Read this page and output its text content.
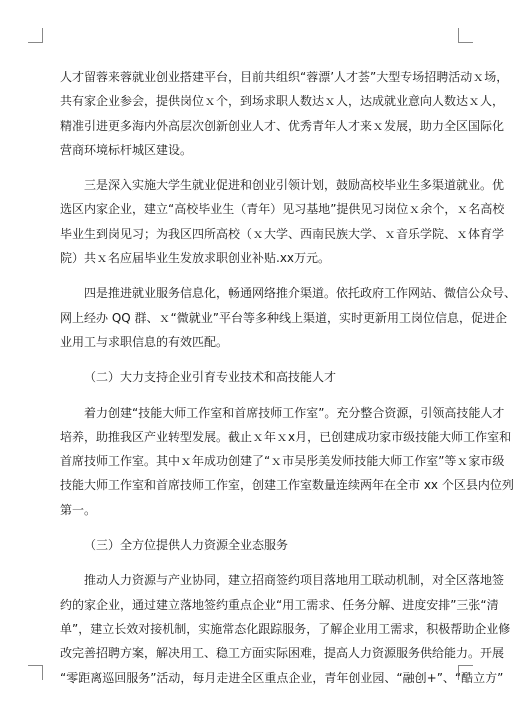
人才留蓉来蓉就业创业搭建平台，目前共组织“蓉漂’人才荟”大型专场招聘活动ｘ场，
共有家企业参会，提供岗位ｘ个，到场求职人数达ｘ人，达成就业意向人数达ｘ人，
精准引进更多海内外高层次创新创业人才、优秀青年人才来ｘ发展，助力全区国际化
营商环境标杆城区建设。
　　三是深入实施大学生就业促进和创业引领计划，鼓励高校毕业生多渠道就业。优
选区内家企业，建立“高校毕业生（青年）见习基地”提供见习岗位ｘ余个，ｘ名高校
毕业生到岗见习；为我区四所高校（ｘ大学、西南民族大学、ｘ音乐学院、ｘ体育学
院）共ｘ名应届毕业生发放求职创业补贴.xx万元。
　　四是推进就业服务信息化，畅通网络推介渠道。依托政府工作网站、微信公众号、
网上经办 QQ 群、ｘ“微就业”平台等多种线上渠道，实时更新用工岗位信息，促进企
业用工与求职信息的有效匹配。
（二）大力支持企业引育专业技术和高技能人才
　　着力创建“技能大师工作室和首席技师工作室”。充分整合资源，引领高技能人才
培养，助推我区产业转型发展。截止ｘ年ｘx月，已创建成功家市级技能大师工作室和
首席技师工作室。其中ｘ年成功创建了“ｘ市吴彤美发师技能大师工作室”等ｘ家市级
技能大师工作室和首席技师工作室，创建工作室数量连续两年在全市 xx 个区县内位列
第一。
（三）全方位提供人力资源全业态服务
　　推动人力资源与产业协同，建立招商签约项目落地用工联动机制，对全区落地签
约的家企业，通过建立落地签约重点企业“用工需求、任务分解、进度安排”三张“清
单”，建立长效对接机制，实施常态化跟踪服务，了解企业用工需求，积极帮助企业修
改完善招聘方案，解决用工、稳工方面实际困难，提高人力资源服务供给能力。开展
“零距离巡回服务”活动，每月走进全区重点企业，青年创业园、“融创+”、“酷立方”
